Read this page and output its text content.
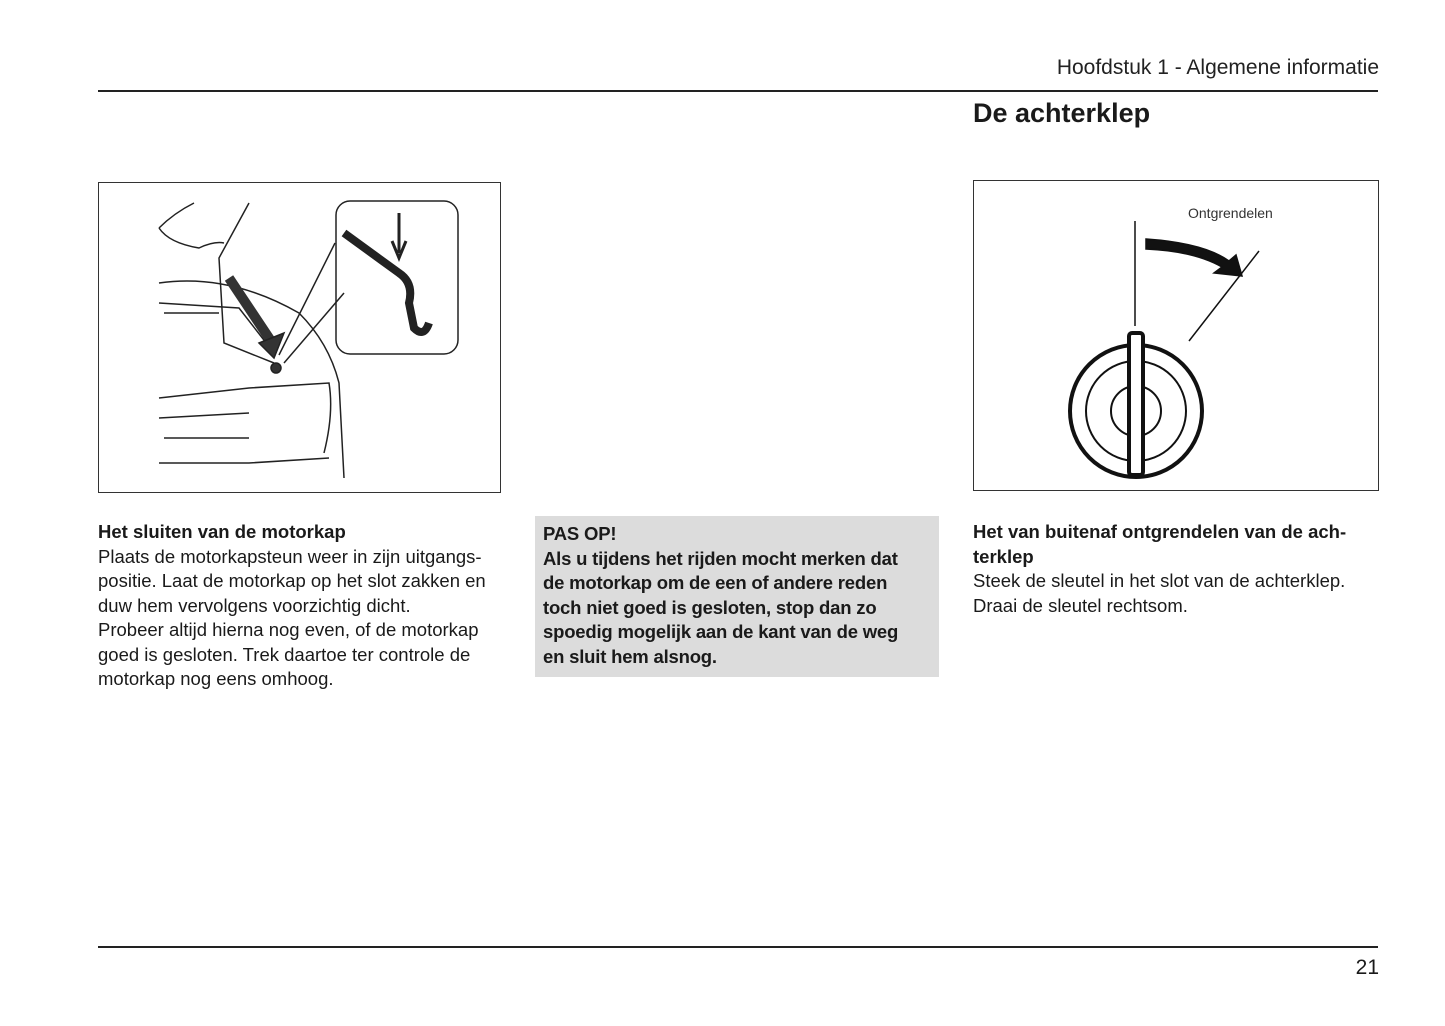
Hoofdstuk 1 - Algemene informatie
De achterklep
Ontgrendelen
Het sluiten van de motorkap
Plaats de motorkapsteun weer in zijn uitgangs-
positie. Laat de motorkap op het slot zakken en
duw hem vervolgens voorzichtig dicht.
Probeer altijd hierna nog even, of de motorkap
goed is gesloten. Trek daartoe ter controle de
motorkap nog eens omhoog.
PAS OP!
Als u tijdens het rijden mocht merken dat
de motorkap om de een of andere reden
toch niet goed is gesloten, stop dan zo
spoedig mogelijk aan de kant van de weg
en sluit hem alsnog.
Het van buitenaf ontgrendelen van de ach-
terklep
Steek de sleutel in het slot van de achterklep.
Draai de sleutel rechtsom.
21
